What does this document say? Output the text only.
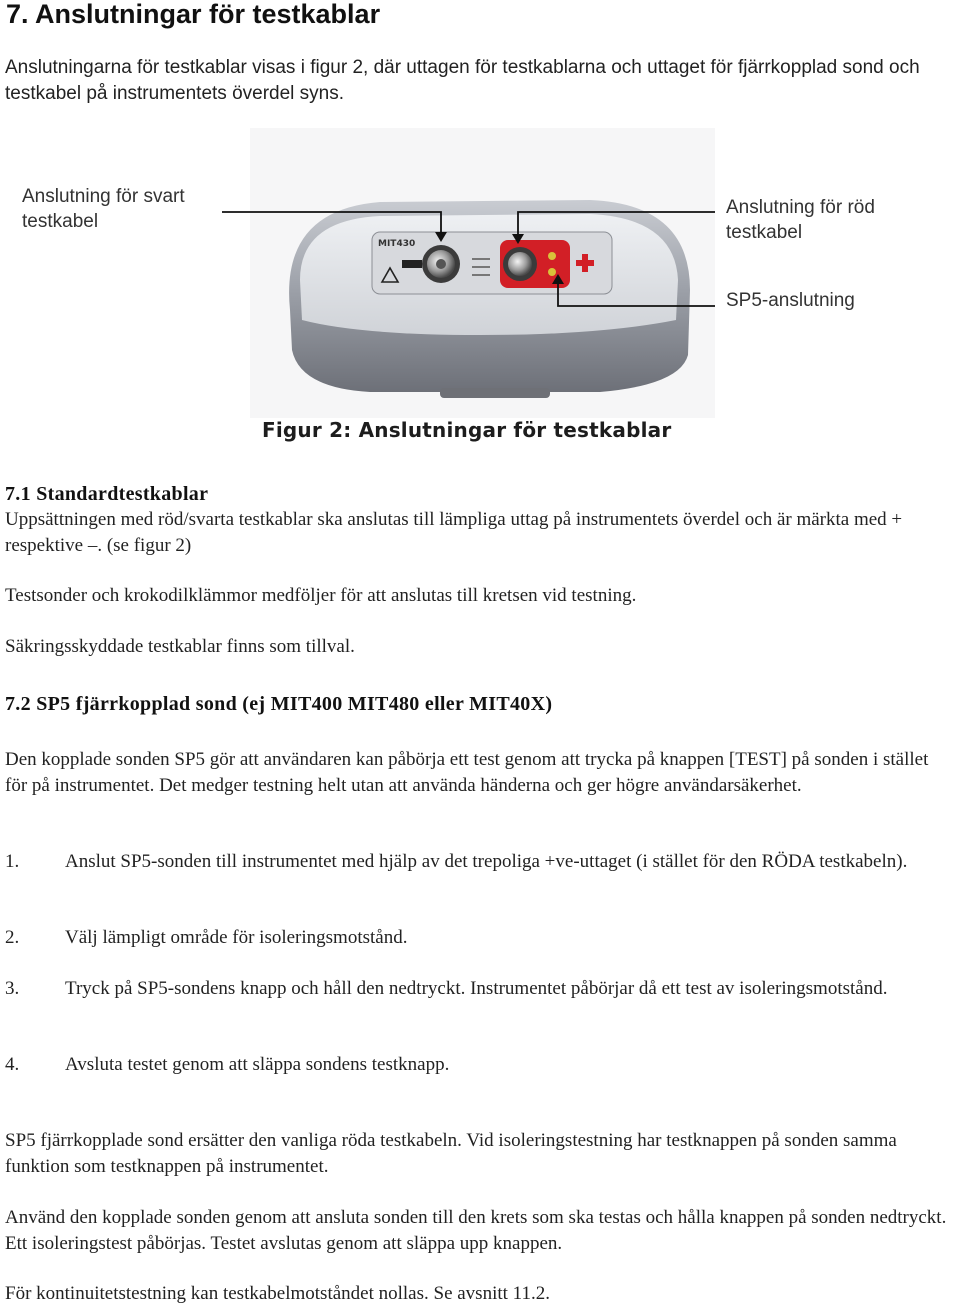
7. Anslutningar för testkablar
Anslutningarna för testkablar visas i figur 2, där uttagen för testkablarna och uttaget för fjärrkopplad sond och testkabel på instrumentets överdel syns.
MIT430
Anslutning för svart
testkabel
Anslutning för röd
testkabel
SP5-anslutning
Figur 2: Anslutningar för testkablar
7.1 Standardtestkablar
Uppsättningen med röd/svarta testkablar ska anslutas till lämpliga uttag på instrumentets överdel och är märkta med + respektive –. (se figur 2)
Testsonder och krokodilklämmor medföljer för att anslutas till kretsen vid testning.
Säkringsskyddade testkablar finns som tillval.
7.2 SP5 fjärrkopplad sond (ej MIT400 MIT480 eller MIT40X)
Den kopplade sonden SP5 gör att användaren kan påbörja ett test genom att trycka på knappen [TEST] på sonden i stället för på instrumentet. Det medger testning helt utan att använda händerna och ger högre användarsäkerhet.
1. Anslut SP5-sonden till instrumentet med hjälp av det trepoliga +ve-uttaget (i stället för den RÖDA testkabeln).
2. Välj lämpligt område för isoleringsmotstånd.
3. Tryck på SP5-sondens knapp och håll den nedtryckt. Instrumentet påbörjar då ett test av isoleringsmotstånd.
4. Avsluta testet genom att släppa sondens testknapp.
SP5 fjärrkopplade sond ersätter den vanliga röda testkabeln. Vid isoleringstestning har testknappen på sonden samma funktion som testknappen på instrumentet.
Använd den kopplade sonden genom att ansluta sonden till den krets som ska testas och hålla knappen på sonden nedtryckt. Ett isoleringstest påbörjas. Testet avslutas genom att släppa upp knappen.
För kontinuitetstestning kan testkabelmotståndet nollas. Se avsnitt 11.2.
